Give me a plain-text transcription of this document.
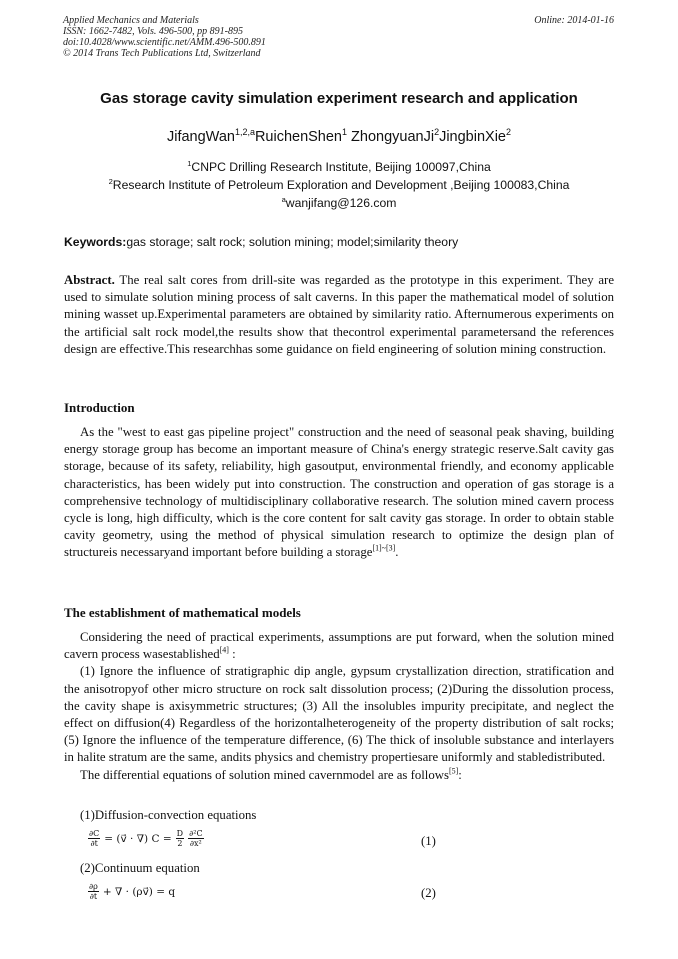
Applied Mechanics and Materials
ISSN: 1662-7482, Vols. 496-500, pp 891-895
doi:10.4028/www.scientific.net/AMM.496-500.891
© 2014 Trans Tech Publications Ltd, Switzerland
Online: 2014-01-16
Gas storage cavity simulation experiment research and application
JifangWan$^{1,2,a}$RuichenShen$^1$ ZhongyuanJi$^2$JingbinXie$^2$
$^1$CNPC Drilling Research Institute, Beijing 100097,China
$^2$Research Institute of Petroleum Exploration and Development ,Beijing 100083,China
$^a$wanjifang@126.com
Keywords:gas storage; salt rock; solution mining; model;similarity theory

Abstract. The real salt cores from drill-site was regarded as the prototype in this experiment. They are used to simulate solution mining process of salt caverns. In this paper the mathematical model of solution mining wasset up.Experimental parameters are obtained by similarity ratio. Afternumerous experiments on the artificial salt rock model,the results show that thecontrol experimental parametersand the references design are effective.This researchhas some guidance on field engineering of solution mining construction.

Introduction

As the "west to east gas pipeline project" construction and the need of seasonal peak shaving, building energy storage group has become an important measure of China's energy strategic reserve.Salt cavity gas storage, because of its safety, reliability, high gasoutput, environmental friendly, and economy applicable characteristics, has been widely put into construction. The construction and operation of gas storage is a comprehensive technology of multidisciplinary collaborative research. The solution mined cavern process cycle is long, high difficulty, which is the core content for salt cavity gas storage. In order to obtain stable cavity geometry, using the method of physical simulation research to optimize the design plan of structureis necessaryand important before building a storage[1]~[3].

The establishment of mathematical models

Considering the need of practical experiments, assumptions are put forward, when the solution mined cavern process wasestablished[4] :

(1) Ignore the influence of stratigraphic dip angle, gypsum crystallization direction, stratification and the anisotropyof other micro structure on rock salt dissolution process; (2)During the dissolution process, the cavity shape is axisymmetric structures; (3) All the insolubles impurity precipitate, and neglect the effect on diffusion(4) Regardless of the horizontalheterogeneity of the property distribution of salt rocks; (5) Ignore the influence of the temperature difference, (6) The thick of insoluble substance and interlayers in halite stratum are the same, andits physics and chemistry propertiesare uniformly and stabledistributed.

The differential equations of solution mined cavernmodel are as follows[5]:

(1)Diffusion-convection equations
$\frac{\partial C}{\partial t}$ = (v⃗ · ∇) $C = \frac{D}{2} \frac{\text{∂²C}}{\text{∂x²}}$	(1)
(2)Continuum equation
$\frac{\partial\rho}{\partial t}$ + ∇ · (ρv⃗) = q	(2)
